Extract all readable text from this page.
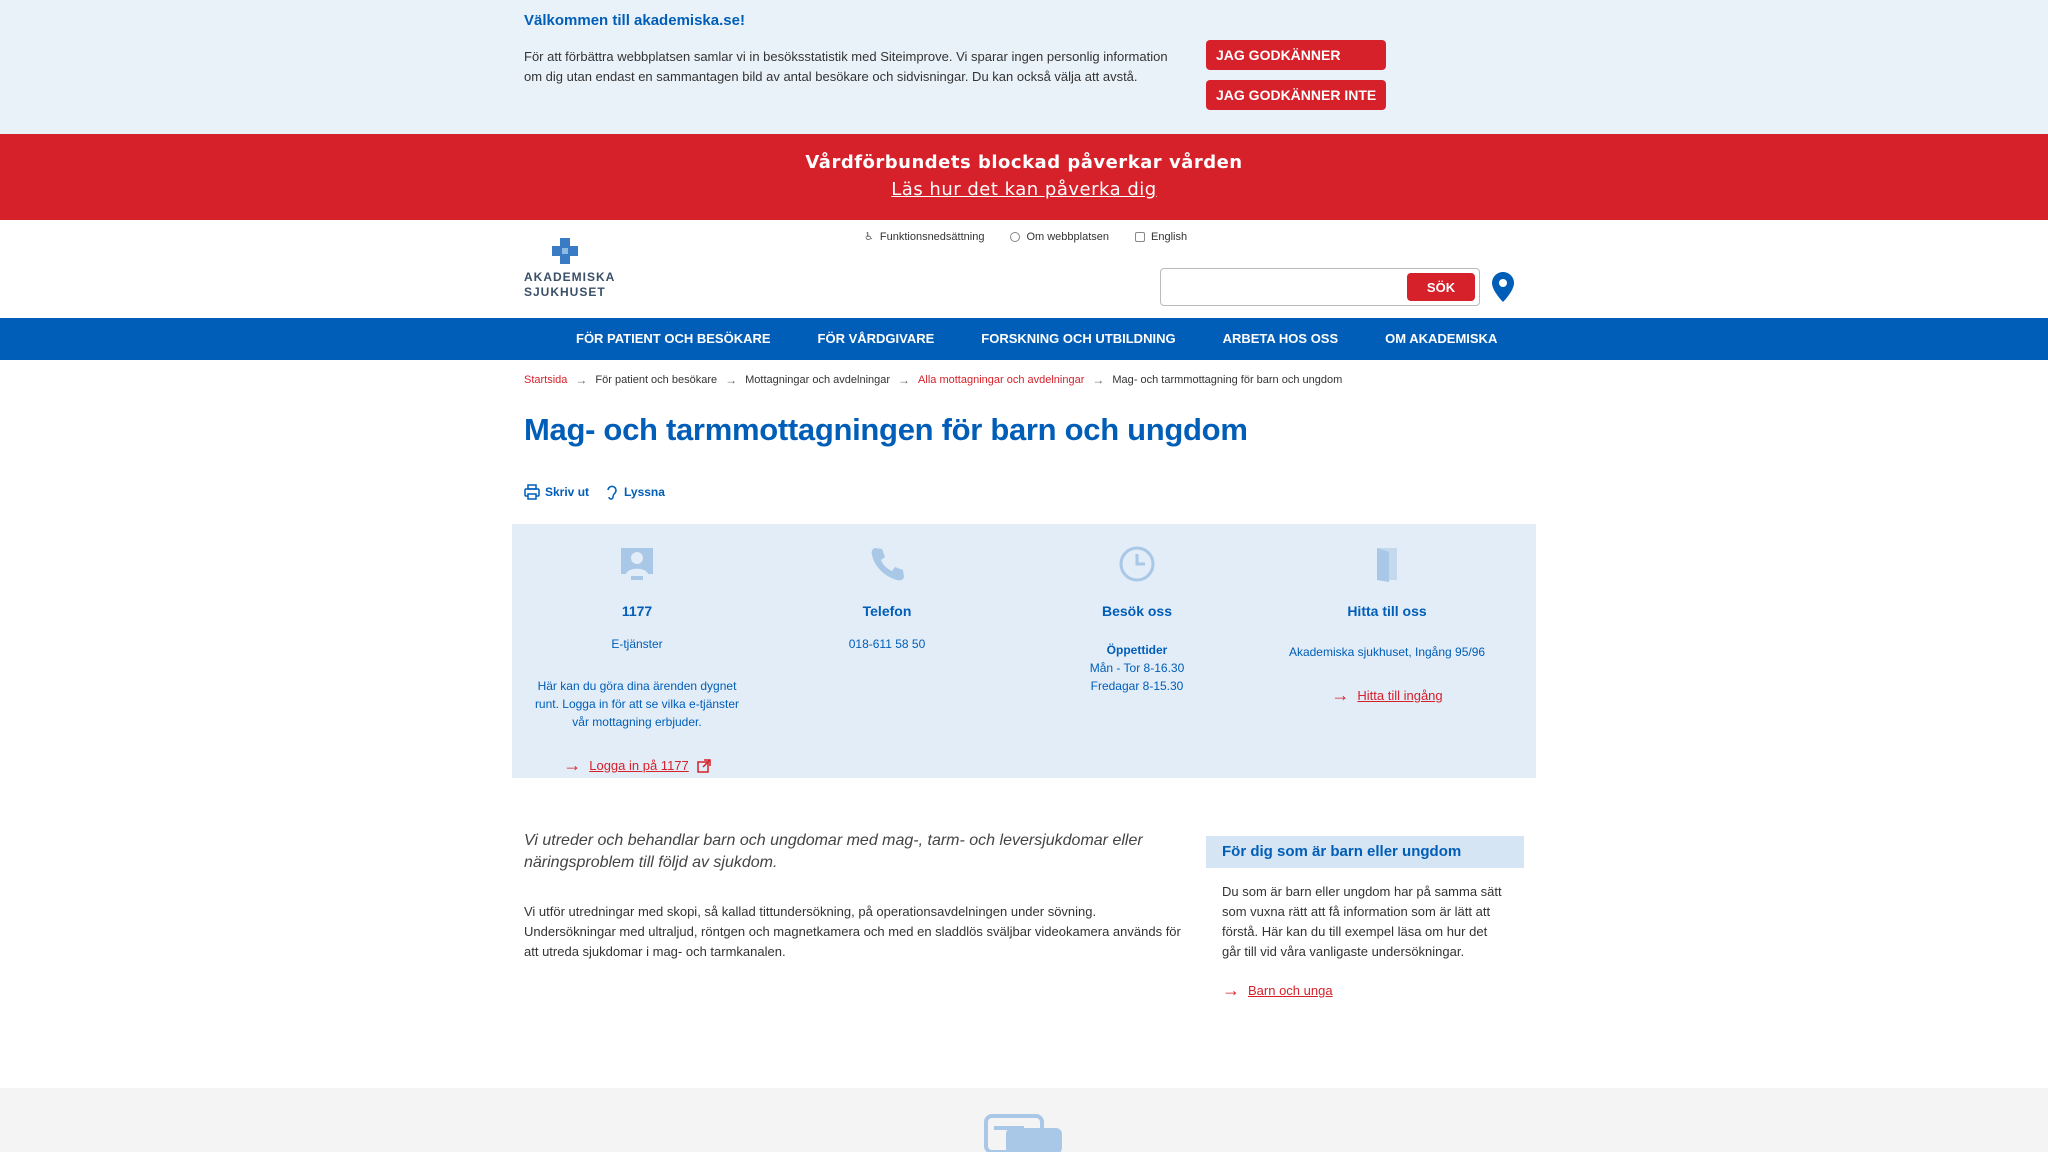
Välkommen till akademiska.se!
För att förbättra webbplatsen samlar vi in besöksstatistik med Siteimprove. Vi sparar ingen personlig information om dig utan endast en sammantagen bild av antal besökare och sidvisningar. Du kan också välja att avstå.
JAG GODKÄNNER
JAG GODKÄNNER INTE
Vårdförbundets blockad påverkar vården
Läs hur det kan påverka dig
AKADEMISKA
SJUKHUSET
♿ Funktionsnedsättning	Om webbplatsen	English
SÖK
FÖR PATIENT OCH BESÖKARE	FÖR VÅRDGIVARE	FORSKNING OCH UTBILDNING	ARBETA HOS OSS	OM AKADEMISKA
Startsida → För patient och besökare → Mottagningar och avdelningar → Alla mottagningar och avdelningar → Mag- och tarmmottagning för barn och ungdom
Mag- och tarmmottagningen för barn och ungdom
Skriv ut	Lyssna
1177
E-tjänster
Här kan du göra dina ärenden dygnet runt. Logga in för att se vilka e-tjänster vår mottagning erbjuder.
→ Logga in på 1177
Telefon
018-611 58 50
Besök oss
Öppettider
Mån - Tor 8-16.30
Fredagar 8-15.30
Hitta till oss
Akademiska sjukhuset, Ingång 95/96
→ Hitta till ingång

Vi utreder och behandlar barn och ungdomar med mag-, tarm- och leversjukdomar eller näringsproblem till följd av sjukdom.

Vi utför utredningar med skopi, så kallad tittundersökning, på operationsavdelningen under sövning. Undersökningar med ultraljud, röntgen och magnetkamera och med en sladdlös sväljbar videokamera används för att utreda sjukdomar i mag- och tarmkanalen.

För dig som är barn eller ungdom

Du som är barn eller ungdom har på samma sätt som vuxna rätt att få information som är lätt att förstå. Här kan du till exempel läsa om hur det går till vid våra vanligaste undersökningar.

→ Barn och unga
